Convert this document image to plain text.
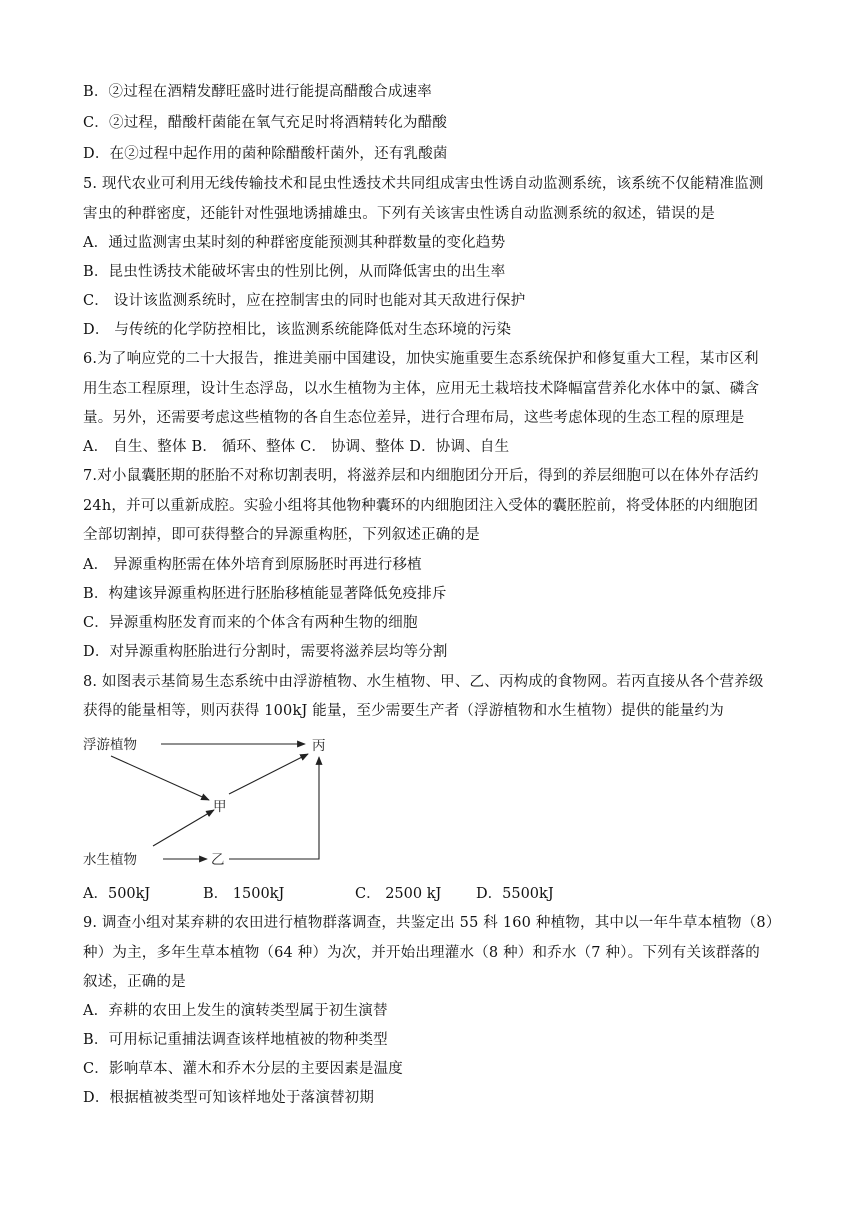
B．②过程在酒精发酵旺盛时进行能提高醋酸合成速率
C．②过程，醋酸杆菌能在氧气充足时将酒精转化为醋酸
D．在②过程中起作用的菌种除醋酸杆菌外，还有乳酸菌
5. 现代农业可利用无线传输技术和昆虫性透技术共同组成害虫性诱自动监测系统，该系统不仅能精准监测
害虫的种群密度，还能针对性强地诱捕雄虫。下列有关该害虫性诱自动监测系统的叙述，错误的是
A．通过监测害虫某时刻的种群密度能预测其种群数量的变化趋势
B．昆虫性诱技术能破坏害虫的性别比例，从而降低害虫的出生率
C． 设计该监测系统时，应在控制害虫的同时也能对其天敌进行保护
D． 与传统的化学防控相比，该监测系统能降低对生态环境的污染
6.为了响应党的二十大报告，推进美丽中国建设，加快实施重要生态系统保护和修复重大工程，某市区利
用生态工程原理，设计生态浮岛，以水生植物为主体，应用无土栽培技术降幅富营养化水体中的氯、磷含
量。另外，还需要考虑这些植物的各自生态位差异，进行合理布局，这些考虑体现的生态工程的原理是
A． 自生、整体 B． 循环、整体 C． 协调、整体 D．协调、自生
7.对小鼠囊胚期的胚胎不对称切割表明，将滋养层和内细胞团分开后，得到的养层细胞可以在体外存活约
24h，并可以重新成腔。实验小组将其他物种囊环的内细胞团注入受体的囊胚腔前，将受体胚的内细胞团
全部切割掉，即可获得整合的异源重构胚，下列叙述正确的是
A． 异源重构胚需在体外培育到原肠胚时再进行移植
B．构建该异源重构胚进行胚胎移植能显著降低免疫排斥
C．异源重构胚发育而来的个体含有两种生物的细胞
D．对异源重构胚胎进行分割时，需要将滋养层均等分割
8. 如图表示基简易生态系统中由浮游植物、水生植物、甲、乙、丙构成的食物网。若丙直接从各个营养级
获得的能量相等，则丙获得 100kJ 能量，至少需要生产者（浮游植物和水生植物）提供的能量约为
浮游植物	丙
甲
水生植物	乙
A．500kJ	B． 1500kJ	C． 2500 kJ D．5500kJ
9. 调查小组对某弃耕的农田进行植物群落调查，共鉴定出 55 科 160 种植物，其中以一年牛草本植物（8）
种）为主，多年生草本植物（64 种）为次，并开始出理灌水（8 种）和乔水（7 种）。下列有关该群落的
叙述，正确的是
A．弃耕的农田上发生的演转类型属于初生演替
B．可用标记重捕法调查该样地植被的物种类型
C．影响草本、灌木和乔木分层的主要因素是温度
D．根据植被类型可知该样地处于落演替初期
